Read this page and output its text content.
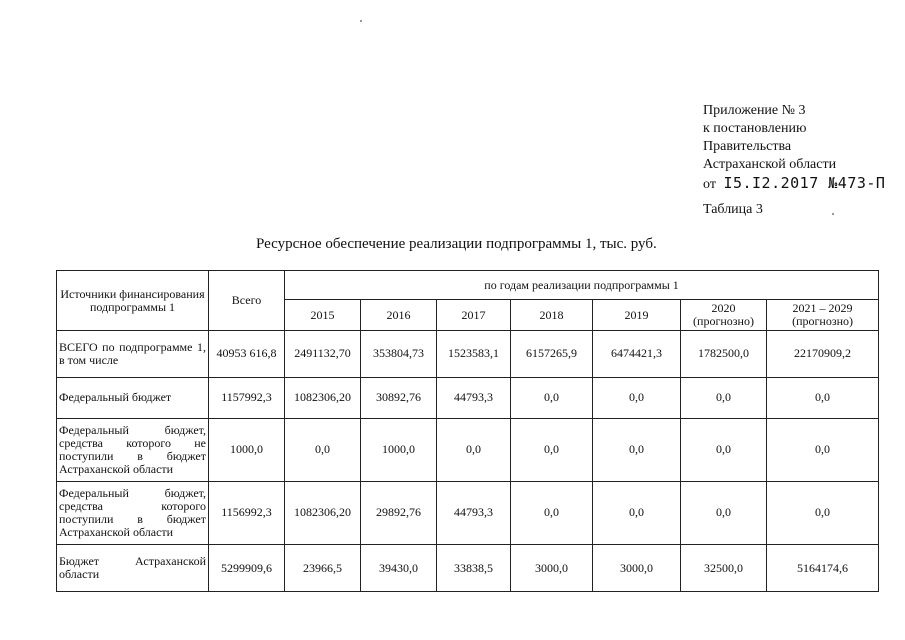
Приложение № 3
к постановлению
Правительства
Астраханской области
от I5.I2.2017 №473-П
Таблица 3
Ресурсное обеспечение реализации подпрограммы 1, тыс. руб.
Источники финансирования подпрограммы 1	Всего	по годам реализации подпрограммы 1						
		2015	2016	2017	2018	2019	2020 (прогнозно)	2021 – 2029 (прогнозно)
ВСЕГО по подпрограмме 1, в том числе	40953 616,8	2491132,70	353804,73	1523583,1	6157265,9	6474421,3	1782500,0	22170909,2
Федеральный бюджет	1157992,3	1082306,20	30892,76	44793,3	0,0	0,0	0,0	0,0
Федеральный бюджет, средства которого не поступили в бюджет Астраханской области	1000,0	0,0	1000,0	0,0	0,0	0,0	0,0	0,0
Федеральный бюджет, средства которого поступили в бюджет Астраханской области	1156992,3	1082306,20	29892,76	44793,3	0,0	0,0	0,0	0,0
Бюджет Астраханской области	5299909,6	23966,5	39430,0	33838,5	3000,0	3000,0	32500,0	5164174,6
